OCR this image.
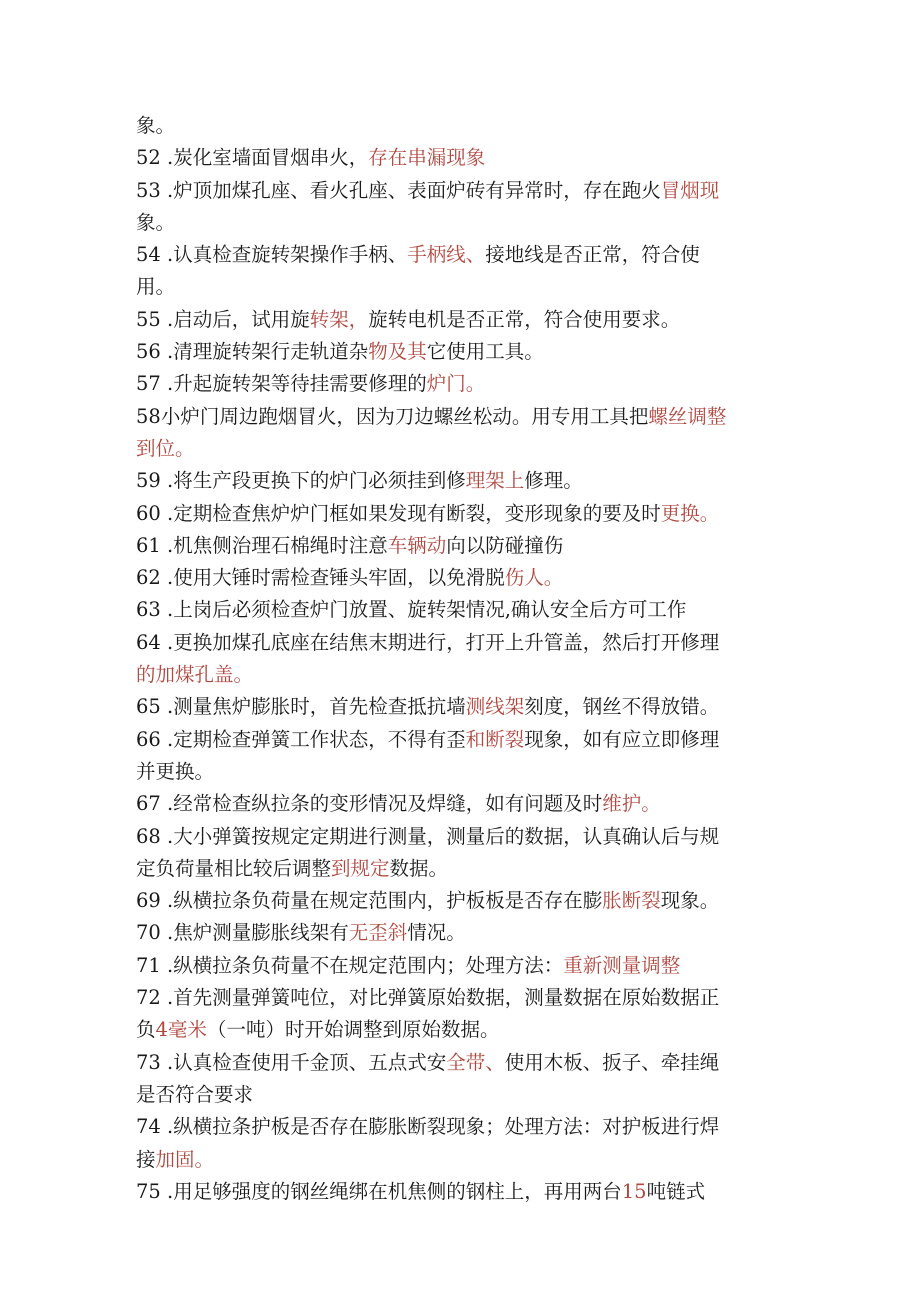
象。
52 .炭化室墙面冒烟串火，存在串漏现象
53 .炉顶加煤孔座、看火孔座、表面炉砖有异常时，存在跑火冒烟现
象。
54 .认真检查旋转架操作手柄、手柄线、接地线是否正常，符合使
用。
55 .启动后，试用旋转架，旋转电机是否正常，符合使用要求。
56 .清理旋转架行走轨道杂物及其它使用工具。
57 .升起旋转架等待挂需要修理的炉门。
58小炉门周边跑烟冒火，因为刀边螺丝松动。用专用工具把螺丝调整
到位。
59 .将生产段更换下的炉门必须挂到修理架上修理。
60 .定期检查焦炉炉门框如果发现有断裂，变形现象的要及时更换。
61 .机焦侧治理石棉绳时注意车辆动向以防碰撞伤
62 .使用大锤时需检查锤头牢固，以免滑脱伤人。
63 .上岗后必须检查炉门放置、旋转架情况,确认安全后方可工作
64 .更换加煤孔底座在结焦末期进行，打开上升管盖，然后打开修理
的加煤孔盖。
65 .测量焦炉膨胀时，首先检查抵抗墙测线架刻度，钢丝不得放错。
66 .定期检查弹簧工作状态，不得有歪和断裂现象，如有应立即修理
并更换。
67 .经常检查纵拉条的变形情况及焊缝，如有问题及时维护。
68 .大小弹簧按规定定期进行测量，测量后的数据，认真确认后与规
定负荷量相比较后调整到规定数据。
69 .纵横拉条负荷量在规定范围内，护板板是否存在膨胀断裂现象。
70 .焦炉测量膨胀线架有无歪斜情况。
71 .纵横拉条负荷量不在规定范围内；处理方法：重新测量调整
72 .首先测量弹簧吨位，对比弹簧原始数据，测量数据在原始数据正
负4毫米（一吨）时开始调整到原始数据。
73 .认真检查使用千金顶、五点式安全带、使用木板、扳子、牵挂绳
是否符合要求
74 .纵横拉条护板是否存在膨胀断裂现象；处理方法：对护板进行焊
接加固。
75 .用足够强度的钢丝绳绑在机焦侧的钢柱上，再用两台15吨链式
